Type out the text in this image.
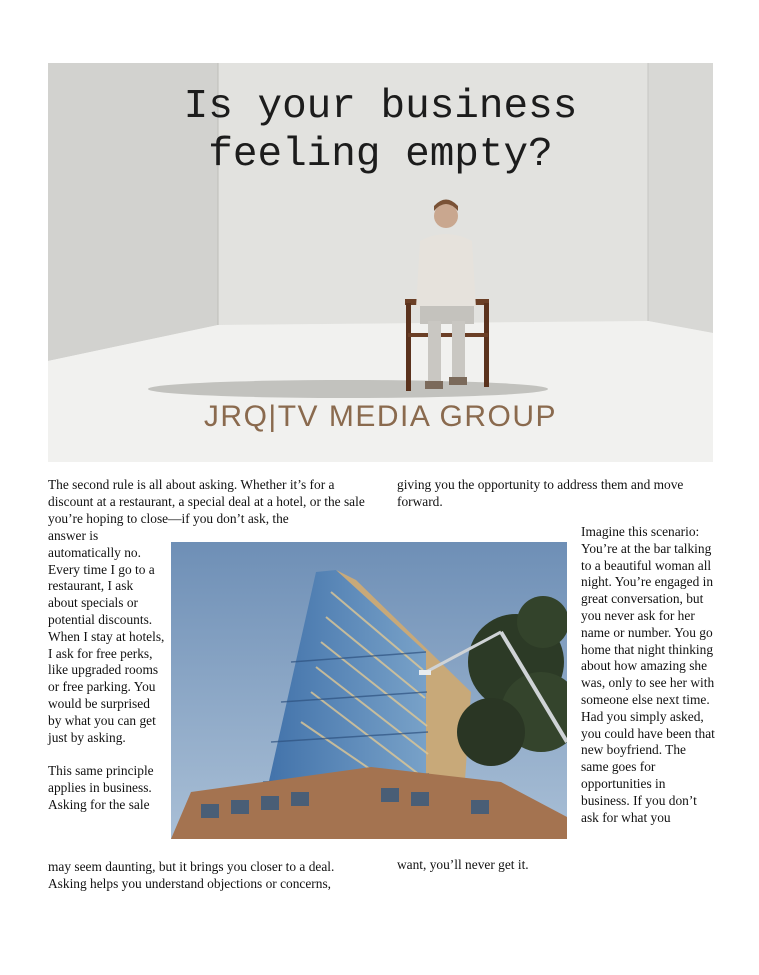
Is your business
feeling empty?
JRQ|TV MEDIA GROUP

The second rule is all about asking. Whether it’s for a discount at a restaurant, a special deal at a hotel, or the sale you’re hoping to close—if you don’t ask, the

answer is automatically no. Every time I go to a restaurant, I ask about specials or potential discounts. When I stay at hotels, I ask for free perks, like upgraded rooms or free parking. You would be surprised by what you can get just by asking.

This same principle applies in business. Asking for the sale

may seem daunting, but it brings you closer to a deal. Asking helps you understand objections or concerns,

giving you the opportunity to address them and move forward.

Imagine this scenario: You’re at the bar talking to a beautiful woman all night. You’re engaged in great conversation, but you never ask for her name or number. You go home that night thinking about how amazing she was, only to see her with someone else next time. Had you simply asked, you could have been that new boyfriend. The same goes for opportunities in business. If you don’t ask for what you

want, you’ll never get it.
